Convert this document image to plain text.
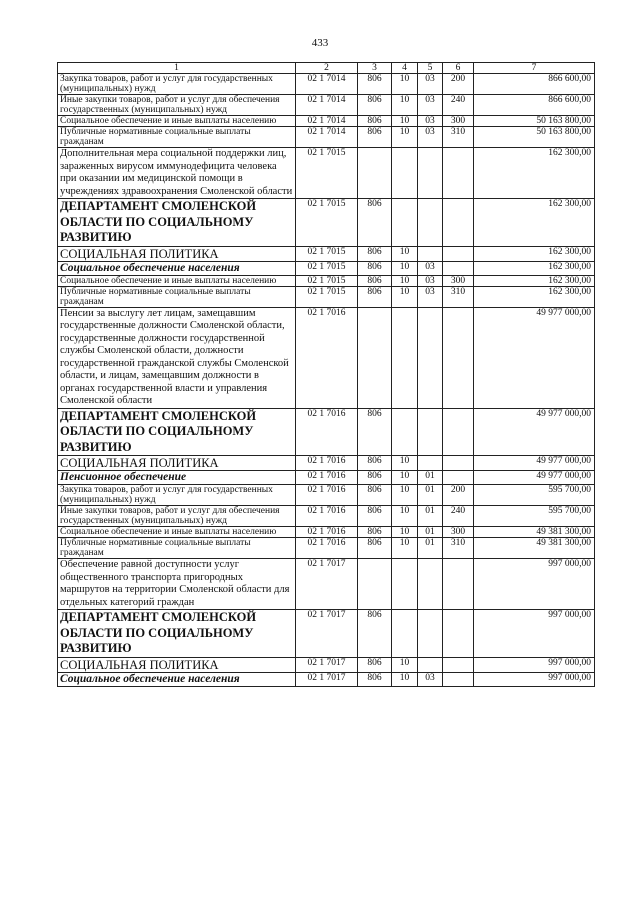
433
1	2	3	4	5	6	7
Закупка товаров, работ и услуг для государственных (муниципальных) нужд	02 1 7014	806	10	03	200	866 600,00
Иные закупки товаров, работ и услуг для обеспечения государственных (муниципальных) нужд	02 1 7014	806	10	03	240	866 600,00
Социальное обеспечение и иные выплаты населению	02 1 7014	806	10	03	300	50 163 800,00
Публичные нормативные социальные выплаты гражданам	02 1 7014	806	10	03	310	50 163 800,00
Дополнительная мера социальной поддержки лиц, зараженных вирусом иммунодефицита человека при оказании им медицинской помощи в учреждениях здравоохранения Смоленской области	02 1 7015					162 300,00
ДЕПАРТАМЕНТ СМОЛЕНСКОЙ ОБЛАСТИ ПО СОЦИАЛЬНОМУ РАЗВИТИЮ	02 1 7015	806				162 300,00
СОЦИАЛЬНАЯ ПОЛИТИКА	02 1 7015	806	10			162 300,00
Социальное обеспечение населения	02 1 7015	806	10	03		162 300,00
Социальное обеспечение и иные выплаты населению	02 1 7015	806	10	03	300	162 300,00
Публичные нормативные социальные выплаты гражданам	02 1 7015	806	10	03	310	162 300,00
Пенсии за выслугу лет лицам, замещавшим государственные должности Смоленской области, государственные должности государственной службы Смоленской области, должности государственной гражданской службы Смоленской области, и лицам, замещавшим должности в органах государственной власти и управления Смоленской области	02 1 7016					49 977 000,00
ДЕПАРТАМЕНТ СМОЛЕНСКОЙ ОБЛАСТИ ПО СОЦИАЛЬНОМУ РАЗВИТИЮ	02 1 7016	806				49 977 000,00
СОЦИАЛЬНАЯ ПОЛИТИКА	02 1 7016	806	10			49 977 000,00
Пенсионное обеспечение	02 1 7016	806	10	01		49 977 000,00
Закупка товаров, работ и услуг для государственных (муниципальных) нужд	02 1 7016	806	10	01	200	595 700,00
Иные закупки товаров, работ и услуг для обеспечения государственных (муниципальных) нужд	02 1 7016	806	10	01	240	595 700,00
Социальное обеспечение и иные выплаты населению	02 1 7016	806	10	01	300	49 381 300,00
Публичные нормативные социальные выплаты гражданам	02 1 7016	806	10	01	310	49 381 300,00
Обеспечение равной доступности услуг общественного транспорта пригородных маршрутов на территории Смоленской области для отдельных категорий граждан	02 1 7017					997 000,00
ДЕПАРТАМЕНТ СМОЛЕНСКОЙ ОБЛАСТИ ПО СОЦИАЛЬНОМУ РАЗВИТИЮ	02 1 7017	806				997 000,00
СОЦИАЛЬНАЯ ПОЛИТИКА	02 1 7017	806	10			997 000,00
Социальное обеспечение населения	02 1 7017	806	10	03		997 000,00
